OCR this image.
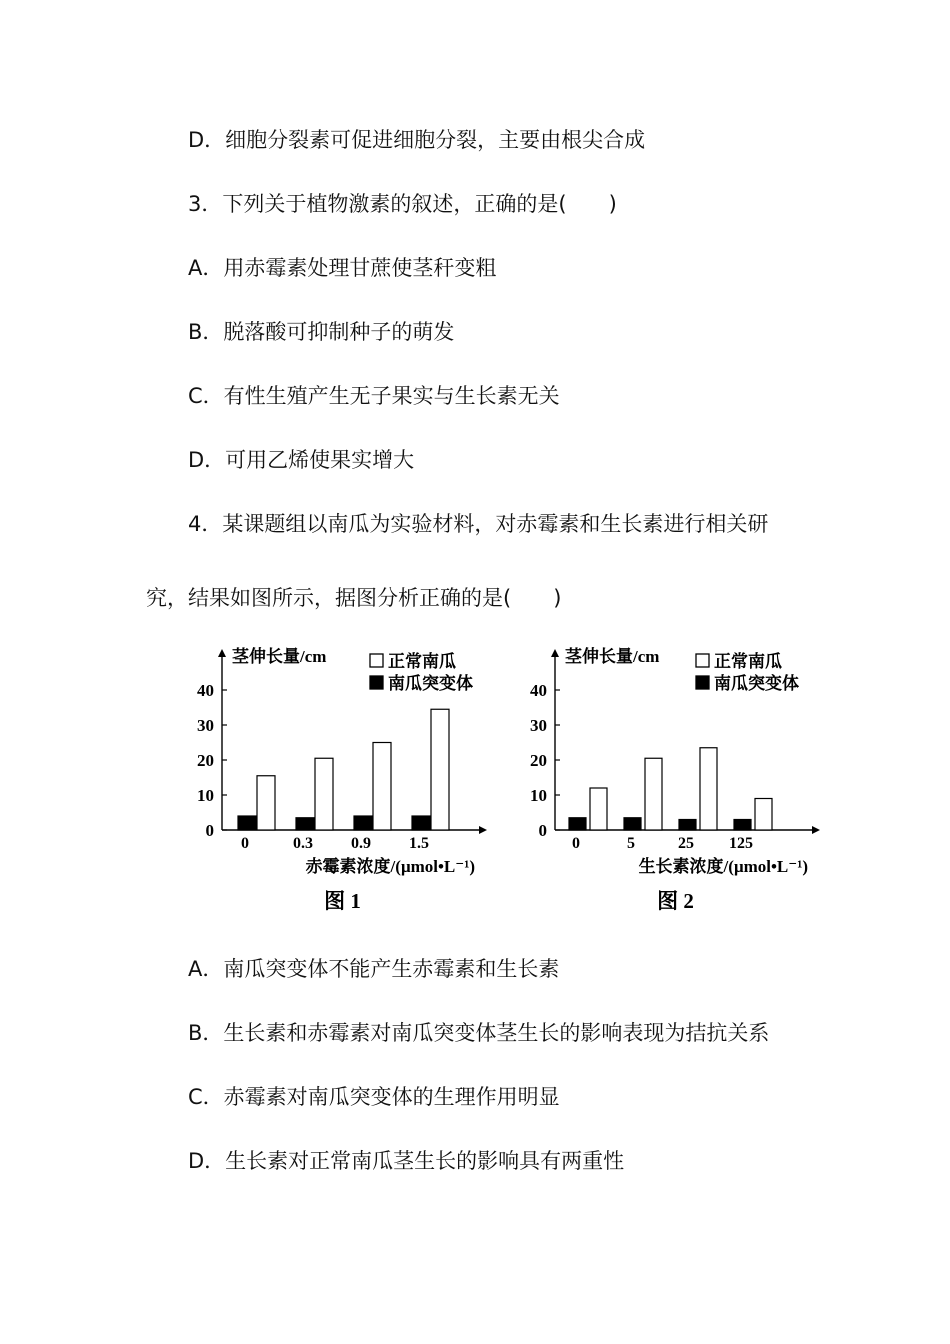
D．细胞分裂素可促进细胞分裂，主要由根尖合成
3．下列关于植物激素的叙述，正确的是(　　 )
A．用赤霉素处理甘蔗使茎秆变粗
B．脱落酸可抑制种子的萌发
C．有性生殖产生无子果实与生长素无关
D．可用乙烯使果实增大
4．某课题组以南瓜为实验材料，对赤霉素和生长素进行相关研
究，结果如图所示，据图分析正确的是(　　 )
0
10
20
30
40
茎伸长量/cm
0	0.3 0.9 1.5
赤霉素浓度/(μmol•L⁻¹)
图 1
正常南瓜
南瓜突变体
0
10
20
30
40
茎伸长量/cm
0	5	25 125
生长素浓度/(μmol•L⁻¹)
图 2
正常南瓜
南瓜突变体
A．南瓜突变体不能产生赤霉素和生长素
B．生长素和赤霉素对南瓜突变体茎生长的影响表现为拮抗关系
C．赤霉素对南瓜突变体的生理作用明显
D．生长素对正常南瓜茎生长的影响具有两重性
